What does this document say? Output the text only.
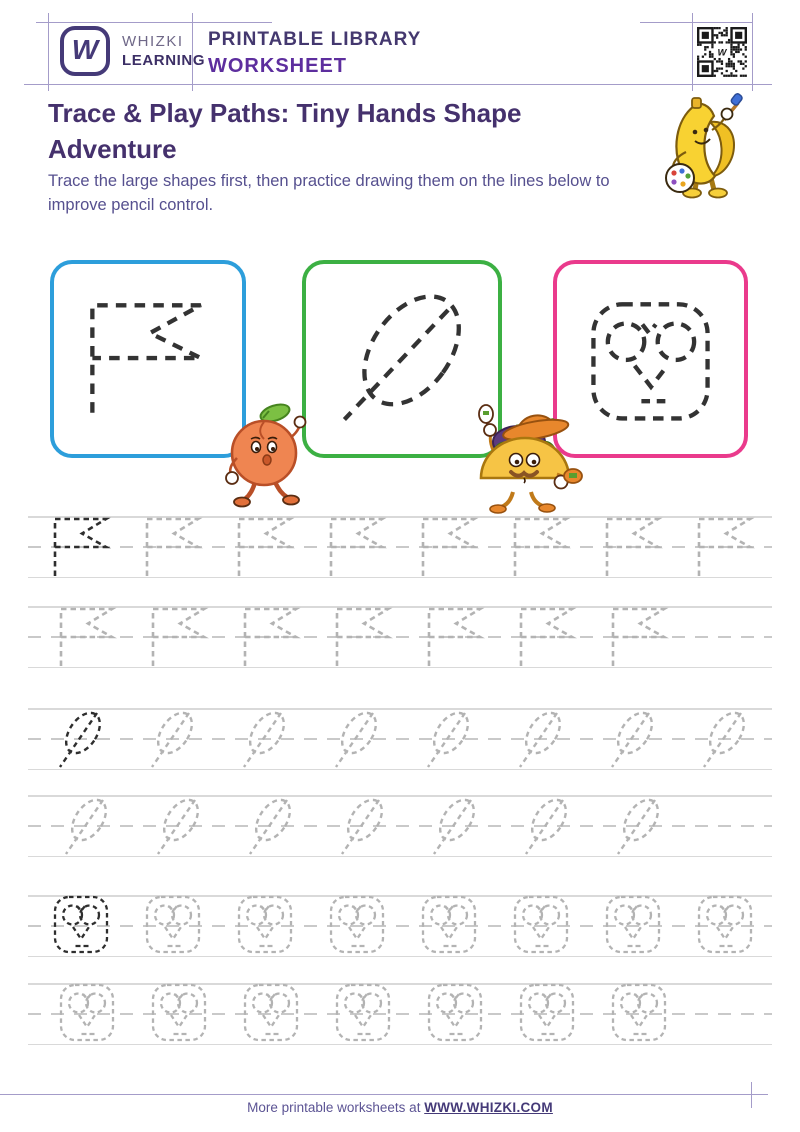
W WHIZKI
LEARNING
PRINTABLE LIBRARY
WORKSHEET
W
Trace & Play Paths: Tiny Hands Shape Adventure
Trace the large shapes first, then practice drawing them on the lines below to improve pencil control.
More printable worksheets at WWW.WHIZKI.COM
